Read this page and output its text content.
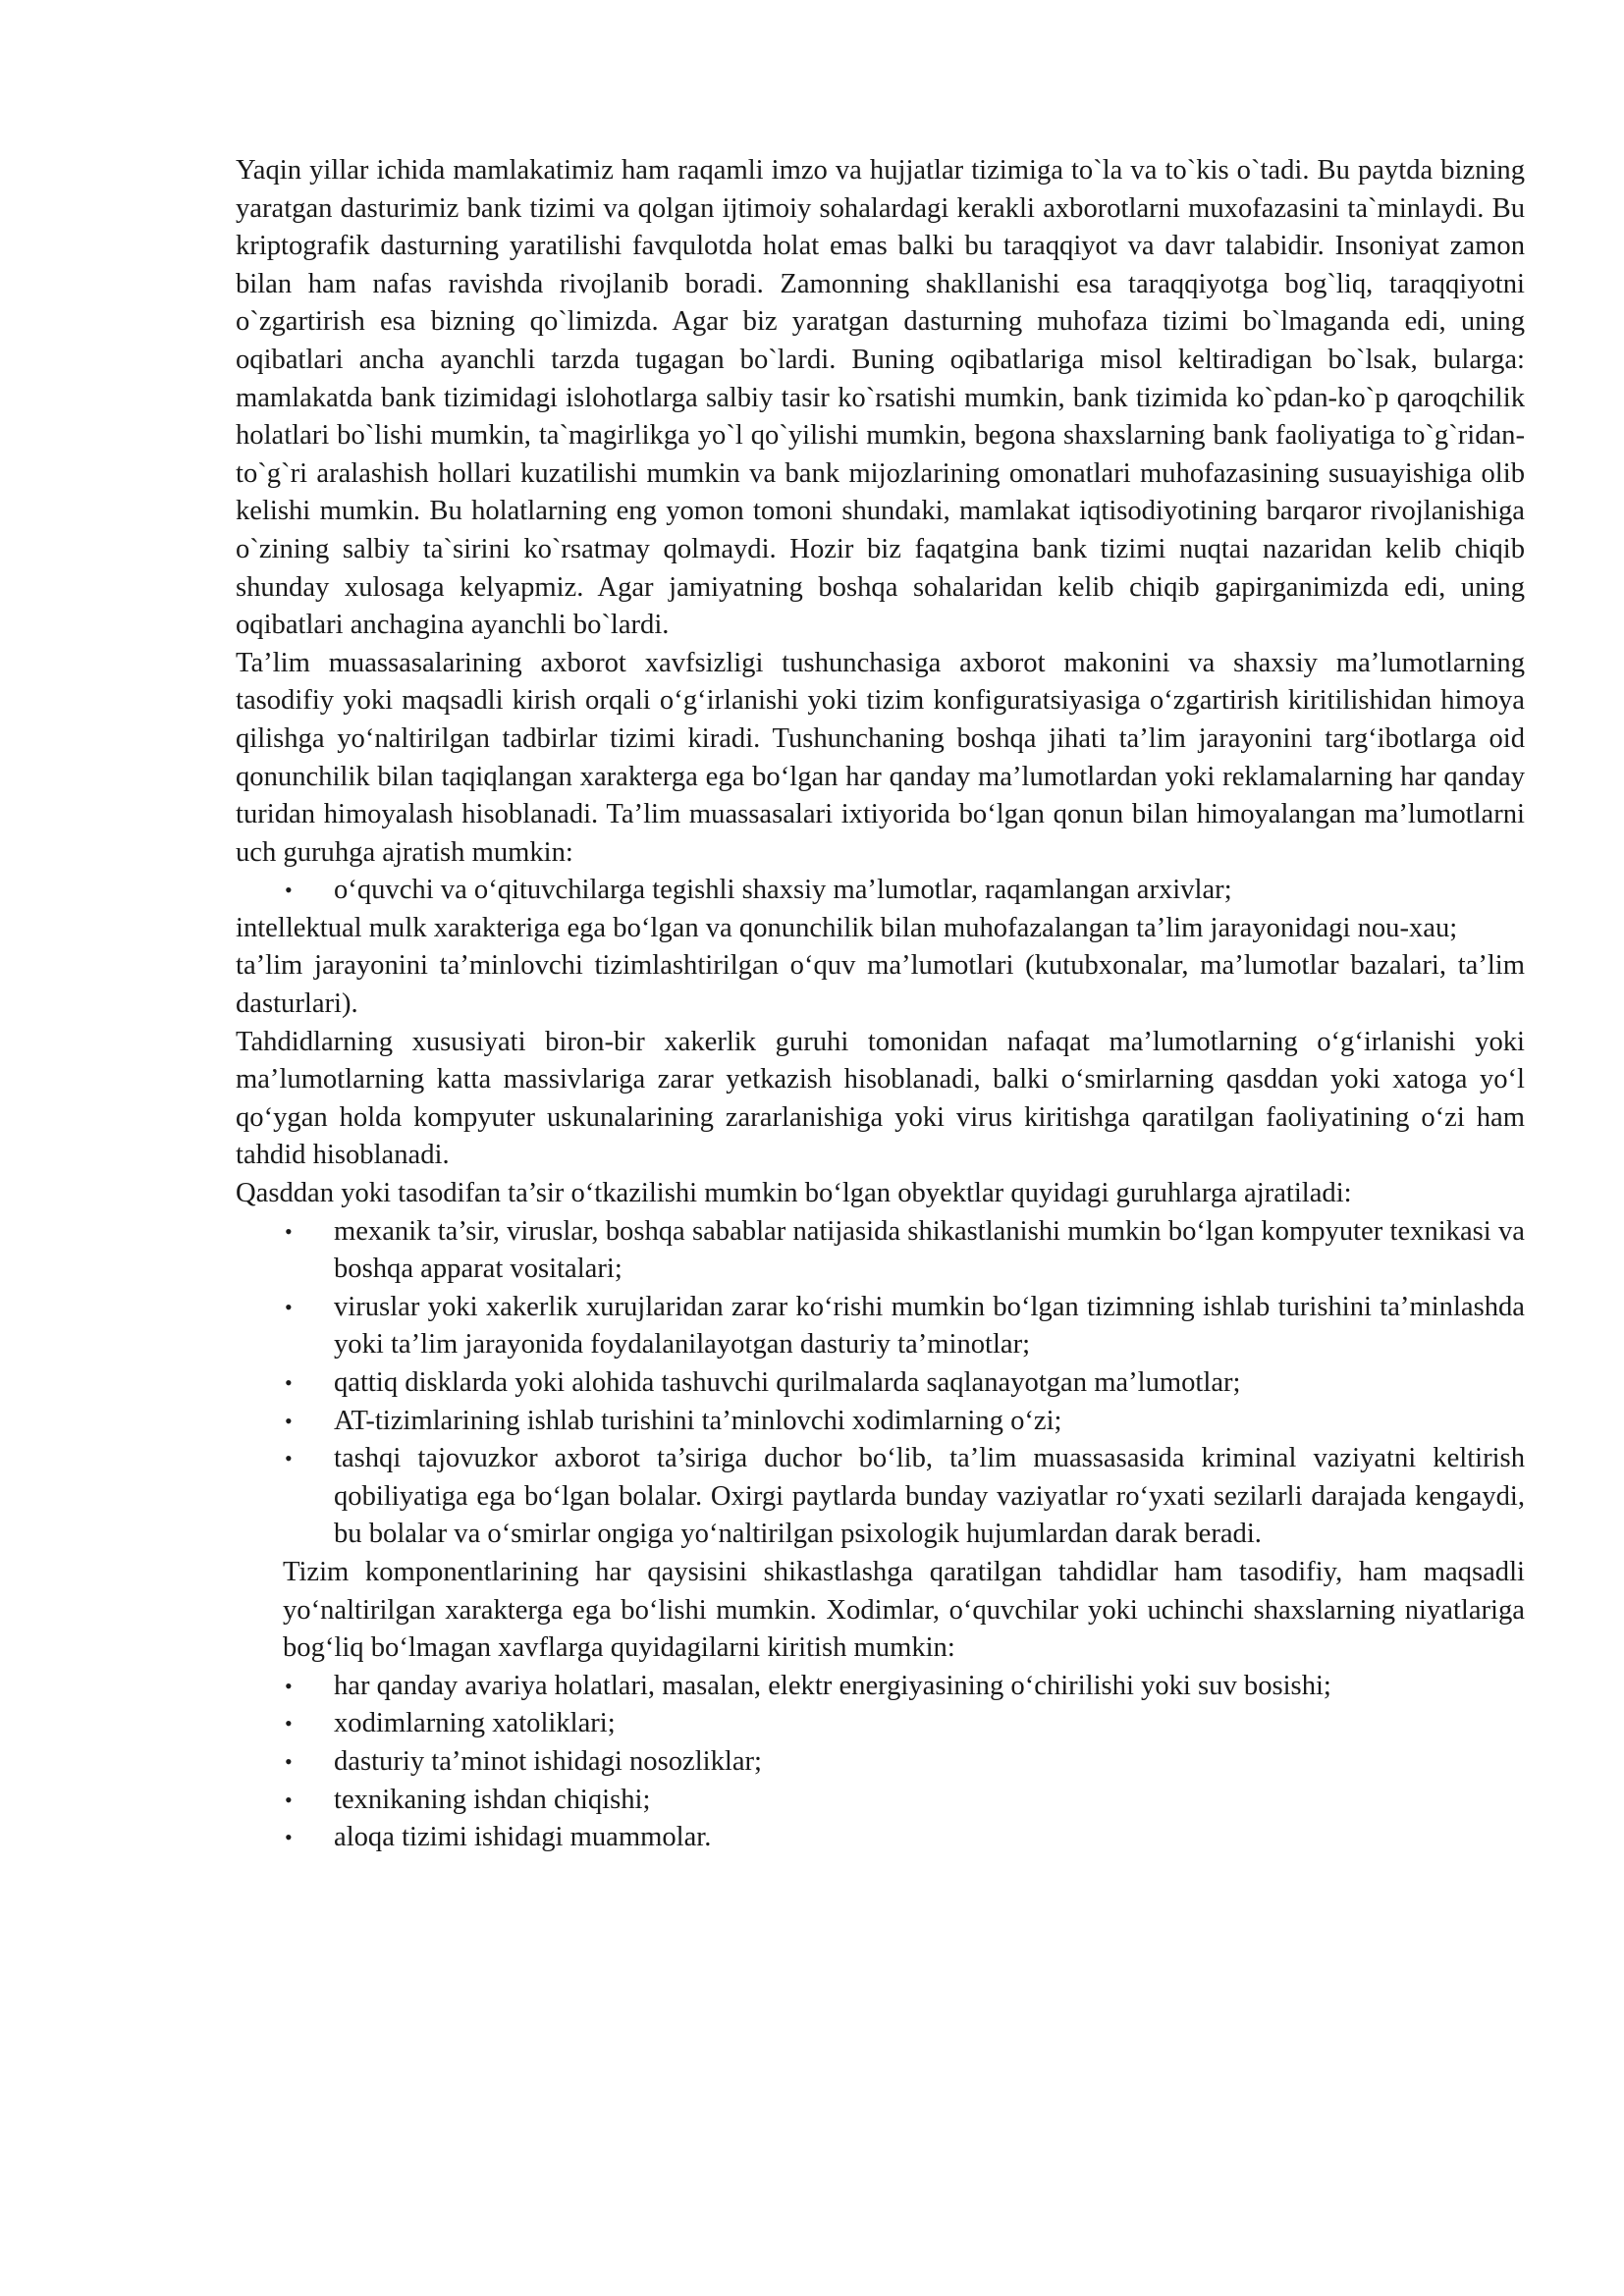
Yaqin yillar ichida mamlakatimiz ham raqamli imzo va hujjatlar tizimiga to`la va to`kis o`tadi. Bu paytda bizning yaratgan dasturimiz bank tizimi va qolgan ijtimoiy sohalardagi kerakli axborotlarni muxofazasini ta`minlaydi. Bu kriptografik dasturning yaratilishi favqulotda holat emas balki bu taraqqiyot va davr talabidir. Insoniyat zamon bilan ham nafas ravishda rivojlanib boradi. Zamonning shakllanishi esa taraqqiyotga bog`liq, taraqqiyotni o`zgartirish esa bizning qo`limizda. Agar biz yaratgan dasturning muhofaza tizimi bo`lmaganda edi, uning oqibatlari ancha ayanchli tarzda tugagan bo`lardi. Buning oqibatlariga misol keltiradigan bo`lsak, bularga: mamlakatda bank tizimidagi islohotlarga salbiy tasir ko`rsatishi mumkin, bank tizimida ko`pdan-ko`p qaroqchilik holatlari bo`lishi mumkin, ta`magirlikga yo`l qo`yilishi mumkin, begona shaxslarning bank faoliyatiga to`g`ridan-to`g`ri aralashish hollari kuzatilishi mumkin va bank mijozlarining omonatlari muhofazasining susuayishiga olib kelishi mumkin. Bu holatlarning eng yomon tomoni shundaki, mamlakat iqtisodiyotining barqaror rivojlanishiga o`zining salbiy ta`sirini ko`rsatmay qolmaydi. Hozir biz faqatgina bank tizimi nuqtai nazaridan kelib chiqib shunday xulosaga kelyapmiz. Agar jamiyatning boshqa sohalaridan kelib chiqib gapirganimizda edi, uning oqibatlari anchagina ayanchli bo`lardi.

Ta’lim muassasalarining axborot xavfsizligi tushunchasiga axborot makonini va shaxsiy ma’lumotlarning tasodifiy yoki maqsadli kirish orqali o‘g‘irlanishi yoki tizim konfiguratsiyasiga o‘zgartirish kiritilishidan himoya qilishga yo‘naltirilgan tadbirlar tizimi kiradi. Tushunchaning boshqa jihati ta’lim jarayonini targ‘ibotlarga oid qonunchilik bilan taqiqlangan xarakterga ega bo‘lgan har qanday ma’lumotlardan yoki reklamalarning har qanday turidan himoyalash hisoblanadi. Ta’lim muassasalari ixtiyorida bo‘lgan qonun bilan himoyalangan ma’lumotlarni uch guruhga ajratish mumkin:

• o‘quvchi va o‘qituvchilarga tegishli shaxsiy ma’lumotlar, raqamlangan arxivlar;

intellektual mulk xarakteriga ega bo‘lgan va qonunchilik bilan muhofazalangan ta’lim jarayonidagi nou-xau;

ta’lim jarayonini ta’minlovchi tizimlashtirilgan o‘quv ma’lumotlari (kutubxonalar, ma’lumotlar bazalari, ta’lim dasturlari).

Tahdidlarning xususiyati biron-bir xakerlik guruhi tomonidan nafaqat ma’lumotlarning o‘g‘irlanishi yoki ma’lumotlarning katta massivlariga zarar yetkazish hisoblanadi, balki o‘smirlarning qasddan yoki xatoga yo‘l qo‘ygan holda kompyuter uskunalarining zararlanishiga yoki virus kiritishga qaratilgan faoliyatining o‘zi ham tahdid hisoblanadi.

Qasddan yoki tasodifan ta’sir o‘tkazilishi mumkin bo‘lgan obyektlar quyidagi guruhlarga ajratiladi:

• mexanik ta’sir, viruslar, boshqa sabablar natijasida shikastlanishi mumkin bo‘lgan kompyuter texnikasi va boshqa apparat vositalari;
• viruslar yoki xakerlik xurujlaridan zarar ko‘rishi mumkin bo‘lgan tizimning ishlab turishini ta’minlashda yoki ta’lim jarayonida foydalanilayotgan dasturiy ta’minotlar;
• qattiq disklarda yoki alohida tashuvchi qurilmalarda saqlanayotgan ma’lumotlar;
• AT-tizimlarining ishlab turishini ta’minlovchi xodimlarning o‘zi;
• tashqi tajovuzkor axborot ta’siriga duchor bo‘lib, ta’lim muassasasida kriminal vaziyatni keltirish qobiliyatiga ega bo‘lgan bolalar. Oxirgi paytlarda bunday vaziyatlar ro‘yxati sezilarli darajada kengaydi, bu bolalar va o‘smirlar ongiga yo‘naltirilgan psixologik hujumlardan darak beradi.

Tizim komponentlarining har qaysisini shikastlashga qaratilgan tahdidlar ham tasodifiy, ham maqsadli yo‘naltirilgan xarakterga ega bo‘lishi mumkin. Xodimlar, o‘quvchilar yoki uchinchi shaxslarning niyatlariga bog‘liq bo‘lmagan xavflarga quyidagilarni kiritish mumkin:

• har qanday avariya holatlari, masalan, elektr energiyasining o‘chirilishi yoki suv bosishi;
• xodimlarning xatoliklari;
• dasturiy ta’minot ishidagi nosozliklar;
• texnikaning ishdan chiqishi;
• aloqa tizimi ishidagi muammolar.
